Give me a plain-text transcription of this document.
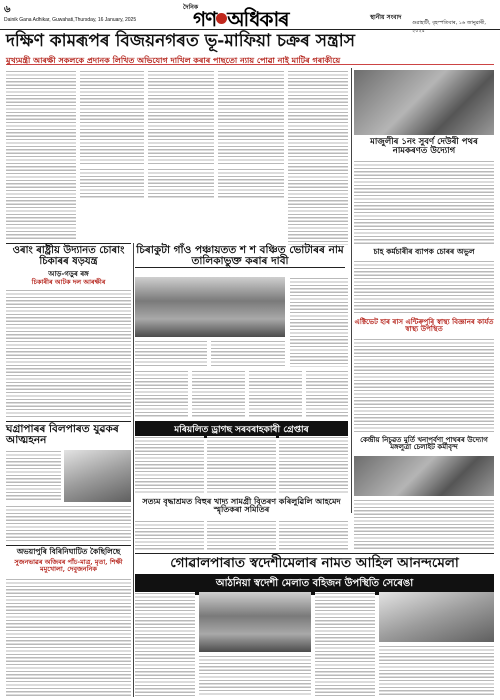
৬
Dainik Gana Adhikar, Guwahati,Thursday, 16 January, 2025
দৈনিক
গণ অধিকাৰ	স্থানীয় সংবাদ
গুৱাহাটী, বৃহস্পতিবাৰ, ১৬ জানুৱাৰী, ২০২৫
দক্ষিণ কামৰূপৰ বিজয়নগৰত ভূ-মাফিয়া চক্ৰৰ সন্ত্ৰাস
মুখ্যমন্ত্ৰী আৰক্ষী সকলকে প্ৰদানক লিখিত অভিযোগ দাখিল কৰাৰ পাছতো ন্যায় পোৱা নাই মাটিৰ গৰাকীয়ে
মাজুলীৰ ১নং সুবৰ্ণ দেউৰী পথৰ নামকৰণত উদ্যোগ
চিৰাকুটা গাঁও পঞ্চায়তত শ শ বঞ্চিত ভোটাৰৰ নাম তালিকাভুক্ত কৰাৰ দাবী
ওৰাং ৰাষ্ট্ৰীয় উদ্যানত চোৰাং চিকাৰৰ ষড়যন্ত্ৰ
আড়-গড়ুৰ ৰঙ্গ
চিকাৰীৰ আটক দল আৰক্ষীৰ
ঘগ্ৰাপাৰৰ বিলপাৰত যুৱকৰ আত্মহনন
অভয়াপুৰি বিৰিনিঘাটিত কৈছিলিছে
সুজনভাৱৰ অজিবৰ পাঁচ-মাত্ৰ, মৃতা, শিক্ষী মমুখোলা, দেবুজননিক
মৰিয়লিত ড্ৰাগছ সৰবৰাহকাৰী গ্ৰেপ্তাৰ
সত্যম বৃদ্ধাশ্ৰমত বিহুৰ খাদ্য সামগ্ৰী বিতৰণ কৰিলুৱিলি আহমেদ স্মৃতিকৰা সমিতিৰ
চাহ কৰ্মচাৰীৰ ব্যাপক চোৰৰ অভুল
এক্টিভেট হাৰ ৰাস এন্টিৰুপুৰি স্বাস্থ্য বিজ্ঞানৰ কাৰ্যত স্বাস্থ্য উপস্থিত
কেন্দ্ৰীয় নিচুৱত মুৰ্তি খনাপৰ্বণা পাথৰৰ উদ্যোগ মঙ্গলুত্ৰা চেলাইট কৰ্মীবৃন্দ
গোৱালপাৰাত স্বদেশীমেলাৰ নামত আহিল আনন্দমেলা
আঠনিয়া স্বদেশী মেলাত বহিজন উপস্থিতি সেৰেঙা
